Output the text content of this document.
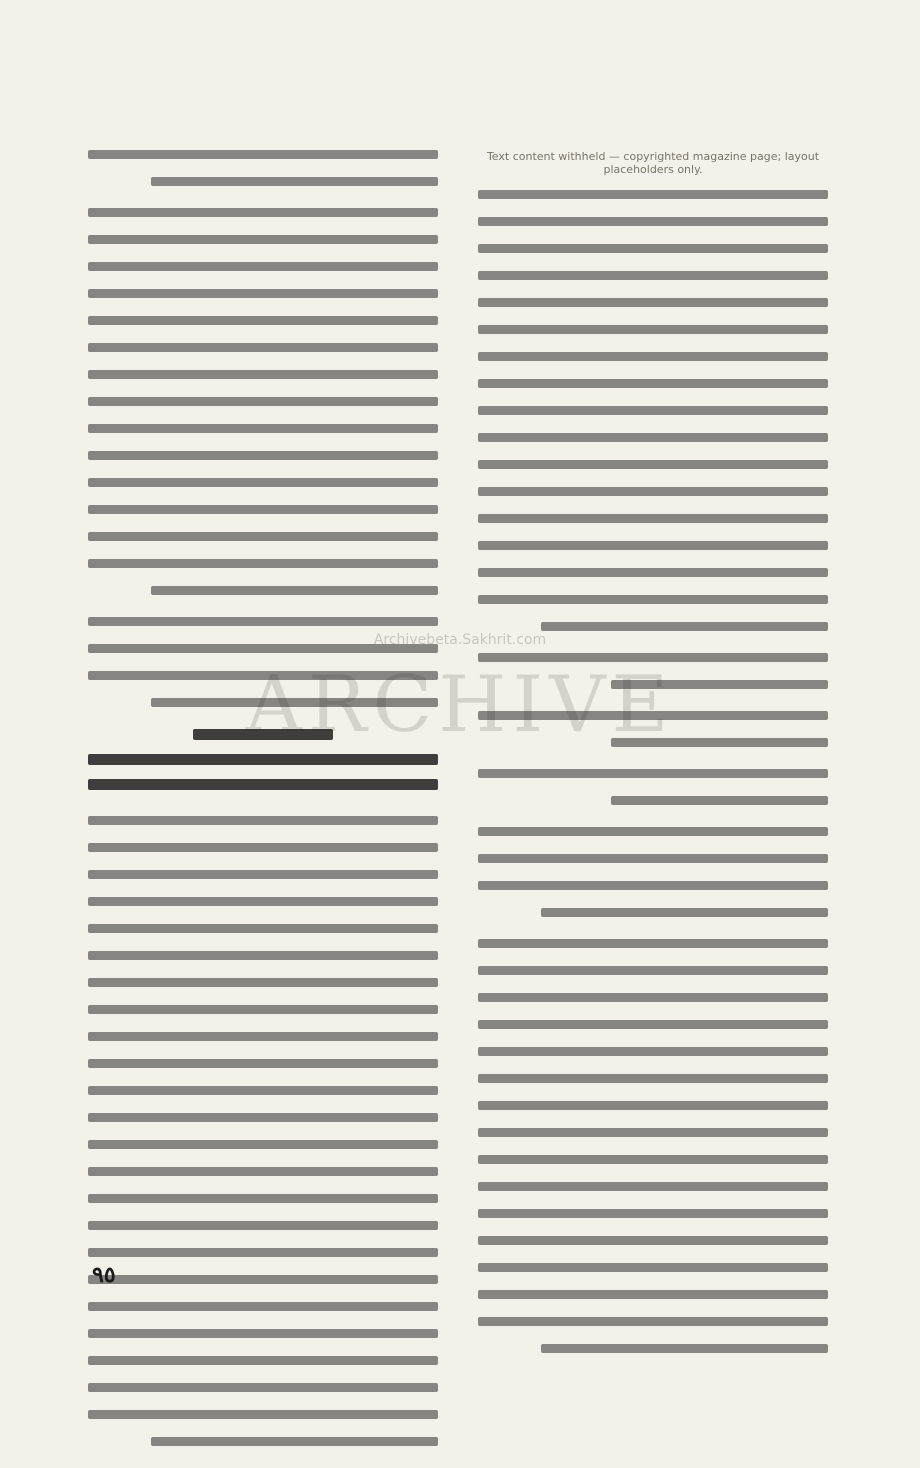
Archivebeta.Sakhrit.com
ARCHIVE
Text content withheld — copyrighted magazine page; layout placeholders only.
٩٥
